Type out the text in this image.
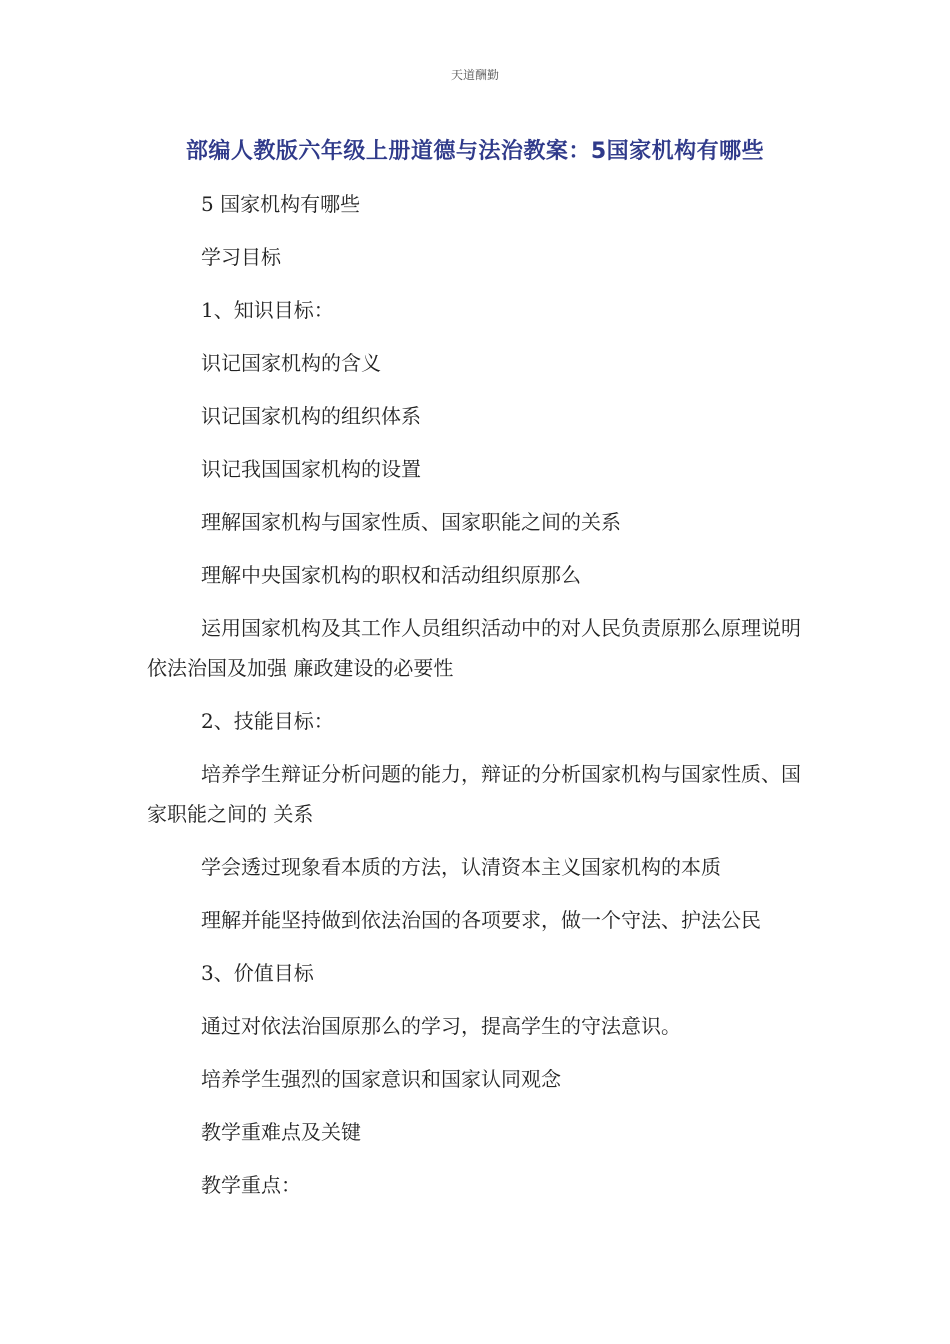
天道酬勤
部编人教版六年级上册道德与法治教案：5国家机构有哪些

5 国家机构有哪些

学习目标

1、知识目标：

识记国家机构的含义

识记国家机构的组织体系

识记我国国家机构的设置

理解国家机构与国家性质、国家职能之间的关系

理解中央国家机构的职权和活动组织原那么

运用国家机构及其工作人员组织活动中的对人民负责原那么原理说明依法治国及加强 廉政建设的必要性

2、技能目标：

培养学生辩证分析问题的能力，辩证的分析国家机构与国家性质、国家职能之间的 关系

学会透过现象看本质的方法，认清资本主义国家机构的本质

理解并能坚持做到依法治国的各项要求，做一个守法、护法公民

3、价值目标

通过对依法治国原那么的学习，提高学生的守法意识。

培养学生强烈的国家意识和国家认同观念

教学重难点及关键

教学重点：
